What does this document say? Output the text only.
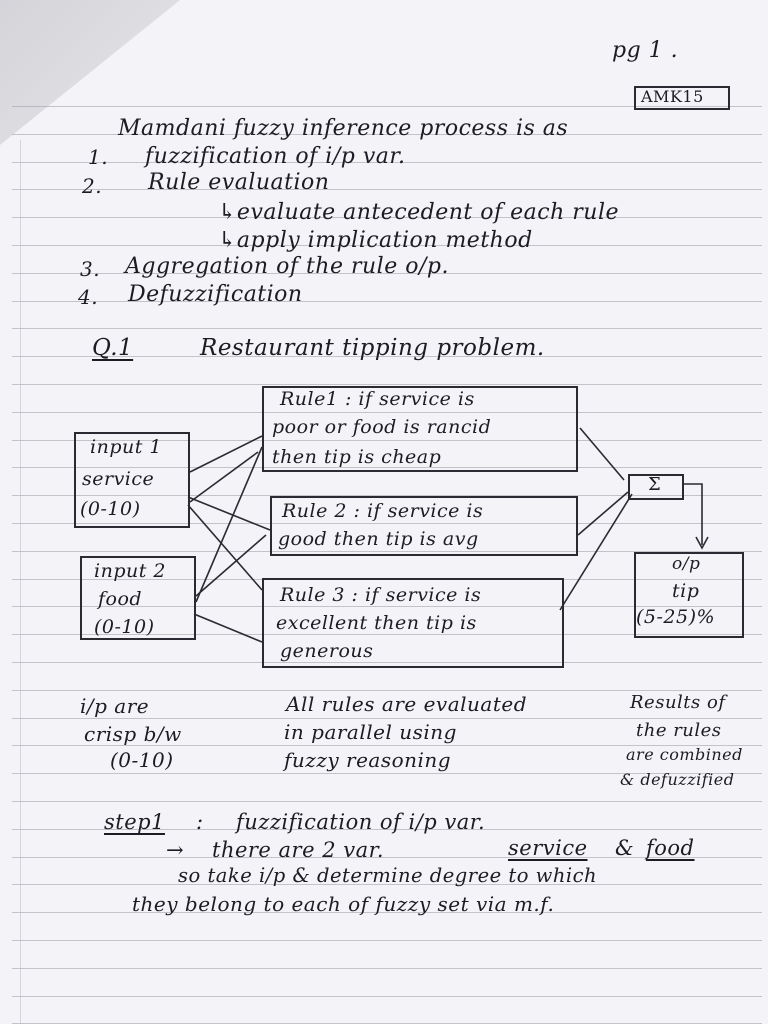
pg 1 .
AMK15
Mamdani fuzzy inference process is as
1. fuzzification of i/p var.
2. Rule evaluation
↳evaluate antecedent of each rule
↳apply implication method
3. Aggregation of the rule o/p.
4. Defuzzification
Q.1	Restaurant tipping problem.
input 1
service
(0-10)
input 2
food
(0-10)
Rule1 : if service is
poor or food is rancid
then tip is cheap
Rule 2 : if service is
good then tip is avg
Rule 3 : if service is
excellent then tip is
generous
Σ
o/p
tip
(5-25)%
i/p are
crisp b/w
(0-10)
All rules are evaluated
in parallel using
fuzzy reasoning
Results of
the rules
are combined
& defuzzified
step1 : fuzzification of i/p var.
→ there are 2 var.	service & food
so take i/p & determine degree to which
they belong to each of fuzzy set via m.f.
